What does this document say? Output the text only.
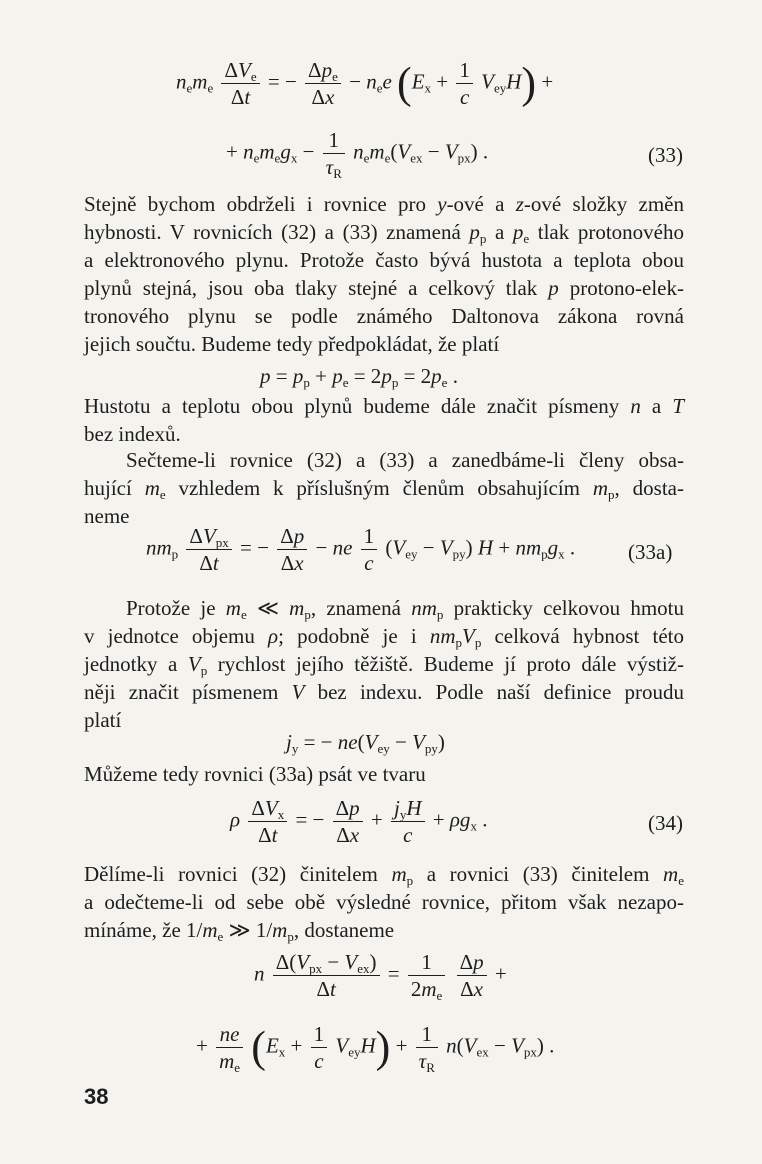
$n_em_e \frac{\Delta V_e}{\Delta t}$ = − $\frac{\Delta p_e}{\Delta x} - n_ee$ $(E_x + \frac{1}{c} V_{ey}H)$ +
+ $n_em_eg_x - \frac{1}{\tau_R} n_em_e(V_{ex} - V_{px})$ .	(33)
Stejně bychom obdrželi i rovnice pro y-ové a z-ové složky změn
hybnosti. V rovnicích (32) a (33) znamená $p_p$ a $p_e$ tlak protonového
a elektronového plynu. Protože často bývá hustota a teplota obou
plynů stejná, jsou oba tlaky stejné a celkový tlak p protono-elek-
tronového plynu se podle známého Daltonova zákona rovná
jejich součtu. Budeme tedy předpokládat, že platí
$p = p_p + p_e = 2p_p = 2p_e$ .
Hustotu a teplotu obou plynů budeme dále značit písmeny n a T
bez indexů.
Sečteme-li rovnice (32) a (33) a zanedbáme-li členy obsa-
hující $m_e$ vzhledem k příslušným členům obsahujícím $m_p$, dosta-
neme
$nm_p \frac{\Delta V_{px}}{\Delta t}$ = − $\frac{\Delta p}{\Delta x}$ − ne $\frac{1}{c} (V_{ey} - V_{py}) H + nm_pg_x$ .	(33a)
Protože je $m_e$ ≪ $m_p$, znamená $nm_p$ prakticky celkovou hmotu
v jednotce objemu ρ; podobně je i $nm_pV_p$ celková hybnost této
jednotky a $V_p$ rychlost jejího těžiště. Budeme jí proto dále výstiž-
něji značit písmenem V bez indexu. Podle naší definice proudu
platí
$j_y$ = − $ne(V_{ey} - V_{py})$
Můžeme tedy rovnici (33a) psát ve tvaru
ρ $\frac{\Delta V_x}{\Delta t}$ = − $\frac{\Delta p}{\Delta x} + \frac{j_yH}{c} + \rho g_x$ .	(34)
Dělíme-li rovnici (32) činitelem $m_p$ a rovnici (33) činitelem $m_e$
a odečteme-li od sebe obě výsledné rovnice, přitom však nezapo-
mínáme, že $1/m_e$ ≫ $1/m_p$, dostaneme
n $\frac{\Delta(V_{px} - V_{ex})}{\Delta t} = \frac{1}{2m_e}$
$\frac{\Delta p}{\Delta x}$ +
+ $\frac{ne}{m_e} (E_x + \frac{1}{c} V_{ey}H) + \frac{1}{\tau_R} n(V_{ex} - V_{px})$ .
38
